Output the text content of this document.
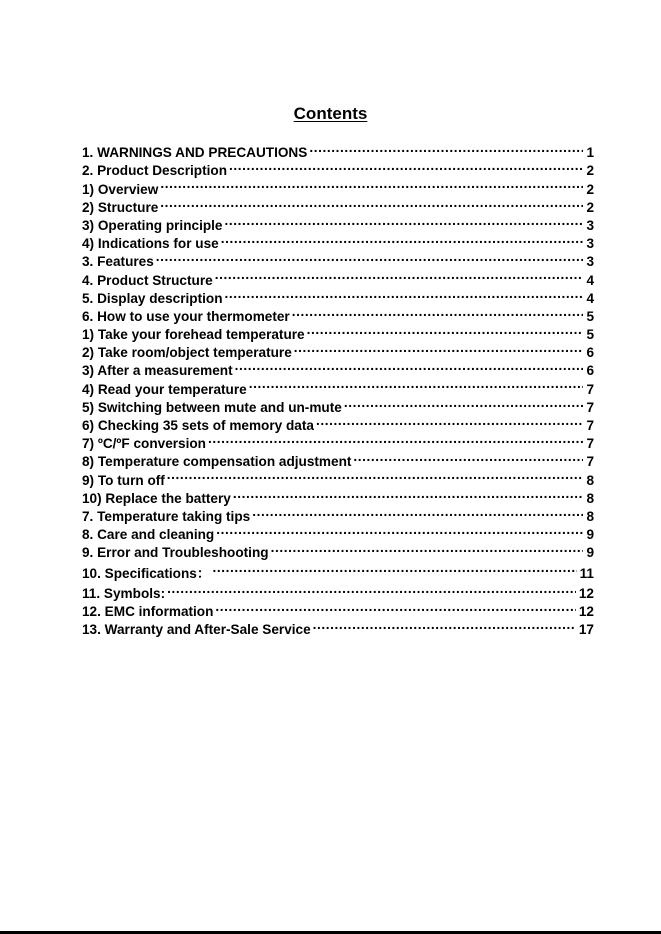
Contents
1. WARNINGS AND PRECAUTIONS .....	1
2. Product Description .....	2
1) Overview .....	2
2) Structure .....	2
3) Operating principle .....	3
4) Indications for use .....	3
3. Features .....	3
4. Product Structure .....	4
5. Display description .....	4
6. How to use your thermometer .....	5
1) Take your forehead temperature .....	5
2) Take room/object temperature .....	6
3) After a measurement .....	6
4) Read your temperature .....	7
5) Switching between mute and un-mute .....	7
6) Checking 35 sets of memory data .....	7
7) ºC/ºF conversion .....	7
8) Temperature compensation adjustment .....	7
9) To turn off .....	8
10) Replace the battery .....	8
7. Temperature taking tips .....	8
8. Care and cleaning .....	9
9. Error and Troubleshooting .....	9
10. Specifications： .....	11
11. Symbols: .....	12
12. EMC information .....	12
13. Warranty and After-Sale Service .....	17
